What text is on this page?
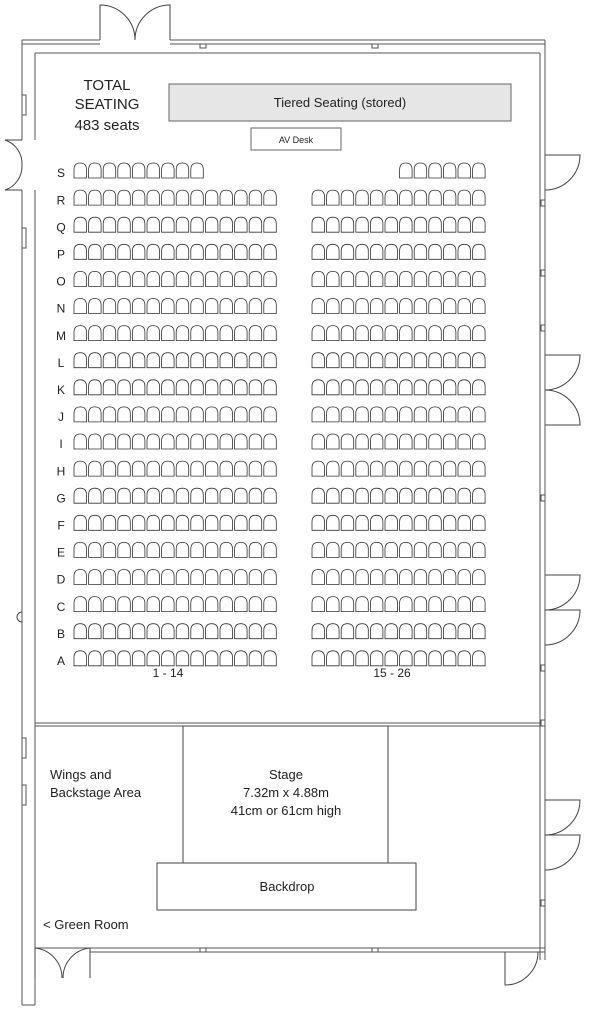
TOTAL
SEATING
483 seats
Tiered Seating (stored)
AV Desk
S
R
Q
P
O
N
M
L
K
J
I
H
G
F
E
D
C
B
A
1 - 14	15 - 26
Wings and
Backstage Area
Stage
7.32m x 4.88m
41cm or 61cm high
Backdrop
< Green Room
